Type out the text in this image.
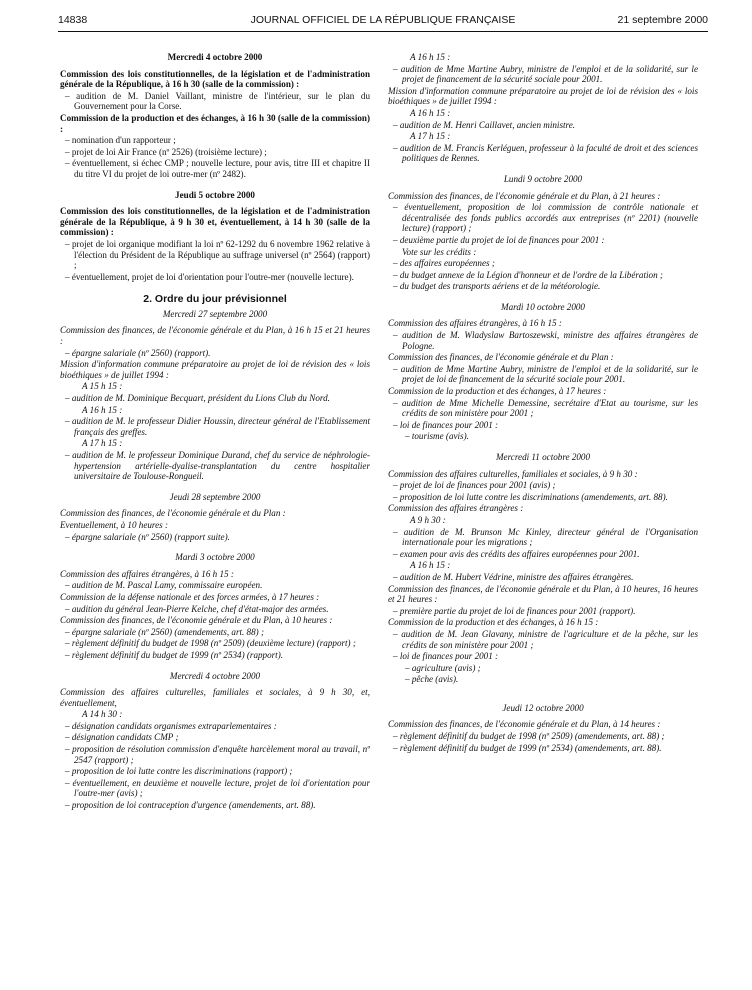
14838	JOURNAL OFFICIEL DE LA RÉPUBLIQUE FRANÇAISE	21 septembre 2000
Mercredi 4 octobre 2000
Commission des lois constitutionnelles, de la législation et de l'administration générale de la République, à 16 h 30 (salle de la commission) :
– audition de M. Daniel Vaillant, ministre de l'intérieur, sur le plan du Gouvernement pour la Corse.
Commission de la production et des échanges, à 16 h 30 (salle de la commission) :
– nomination d'un rapporteur ;
– projet de loi Air France (nº 2526) (troisième lecture) ;
– éventuellement, si échec CMP ; nouvelle lecture, pour avis, titre III et chapitre II du titre VI du projet de loi outre-mer (nº 2482).
Jeudi 5 octobre 2000
Commission des lois constitutionnelles, de la législation et de l'administration générale de la République, à 9 h 30 et, éventuellement, à 14 h 30 (salle de la commission) :
– projet de loi organique modifiant la loi nº 62-1292 du 6 novembre 1962 relative à l'élection du Président de la République au suffrage universel (nº 2564) (rapport) ;
– éventuellement, projet de loi d'orientation pour l'outre-mer (nouvelle lecture).
2. Ordre du jour prévisionnel
Mercredi 27 septembre 2000
Commission des finances, de l'économie générale et du Plan, à 16 h 15 et 21 heures :
– épargne salariale (nº 2560) (rapport).
Mission d'information commune préparatoire au projet de loi de révision des « lois bioéthiques » de juillet 1994 :
A 15 h 15 :
– audition de M. Dominique Becquart, président du Lions Club du Nord.
A 16 h 15 :
– audition de M. le professeur Didier Houssin, directeur général de l'Etablissement français des greffes.
A 17 h 15 :
– audition de M. le professeur Dominique Durand, chef du service de néphrologie-hypertension artérielle-dyalise-transplantation du centre hospitalier universitaire de Toulouse-Rongueil.
Jeudi 28 septembre 2000
Commission des finances, de l'économie générale et du Plan :
Eventuellement, à 10 heures :
– épargne salariale (nº 2560) (rapport suite).
Mardi 3 octobre 2000
Commission des affaires étrangères, à 16 h 15 :
– audition de M. Pascal Lamy, commissaire européen.
Commission de la défense nationale et des forces armées, à 17 heures :
– audition du général Jean-Pierre Kelche, chef d'état-major des armées.
Commission des finances, de l'économie générale et du Plan, à 10 heures :
– épargne salariale (nº 2560) (amendements, art. 88) ;
– règlement définitif du budget de 1998 (nº 2509) (deuxième lecture) (rapport) ;
– règlement définitif du budget de 1999 (nº 2534) (rapport).
Mercredi 4 octobre 2000
Commission des affaires culturelles, familiales et sociales, à 9 h 30, et, éventuellement,
A 14 h 30 :
– désignation candidats organismes extraparlementaires :
– désignation candidats CMP ;
– proposition de résolution commission d'enquête harcèlement moral au travail, nº 2547 (rapport) ;
– proposition de loi lutte contre les discriminations (rapport) ;
– éventuellement, en deuxième et nouvelle lecture, projet de loi d'orientation pour l'outre-mer (avis) ;
– proposition de loi contraception d'urgence (amendements, art. 88).
A 16 h 15 :
– audition de Mme Martine Aubry, ministre de l'emploi et de la solidarité, sur le projet de financement de la sécurité sociale pour 2001.
Mission d'information commune préparatoire au projet de loi de révision des « lois bioéthiques » de juillet 1994 :
A 16 h 15 :
– audition de M. Henri Caillavet, ancien ministre.
A 17 h 15 :
– audition de M. Francis Kerléguen, professeur à la faculté de droit et des sciences politiques de Rennes.
Lundi 9 octobre 2000
Commission des finances, de l'économie générale et du Plan, à 21 heures :
– éventuellement, proposition de loi commission de contrôle nationale et décentralisée des fonds publics accordés aux entreprises (nº 2201) (nouvelle lecture) (rapport) ;
– deuxième partie du projet de loi de finances pour 2001 :
Vote sur les crédits :
– des affaires européennes ;
– du budget annexe de la Légion d'honneur et de l'ordre de la Libération ;
– du budget des transports aériens et de la météorologie.
Mardi 10 octobre 2000
Commission des affaires étrangères, à 16 h 15 :
– audition de M. Wladyslaw Bartoszewski, ministre des affaires étrangères de Pologne.
Commission des finances, de l'économie générale et du Plan :
– audition de Mme Martine Aubry, ministre de l'emploi et de la solidarité, sur le projet de loi de financement de la sécurité sociale pour 2001.
Commission de la production et des échanges, à 17 heures :
– audition de Mme Michelle Demessine, secrétaire d'Etat au tourisme, sur les crédits de son ministère pour 2001 ;
– loi de finances pour 2001 :
– tourisme (avis).
Mercredi 11 octobre 2000
Commission des affaires culturelles, familiales et sociales, à 9 h 30 :
– projet de loi de finances pour 2001 (avis) ;
– proposition de loi lutte contre les discriminations (amendements, art. 88).
Commission des affaires étrangères :
A 9 h 30 :
– audition de M. Brunson Mc Kinley, directeur général de l'Organisation internationale pour les migrations ;
– examen pour avis des crédits des affaires européennes pour 2001.
A 16 h 15 :
– audition de M. Hubert Védrine, ministre des affaires étrangères.
Commission des finances, de l'économie générale et du Plan, à 10 heures, 16 heures et 21 heures :
– première partie du projet de loi de finances pour 2001 (rapport).
Commission de la production et des échanges, à 16 h 15 :
– audition de M. Jean Glavany, ministre de l'agriculture et de la pêche, sur les crédits de son ministère pour 2001 ;
– loi de finances pour 2001 :
– agriculture (avis) ;
– pêche (avis).
Jeudi 12 octobre 2000
Commission des finances, de l'économie générale et du Plan, à 14 heures :
– règlement définitif du budget de 1998 (nº 2509) (amendements, art. 88) ;
– règlement définitif du budget de 1999 (nº 2534) (amendements, art. 88).
